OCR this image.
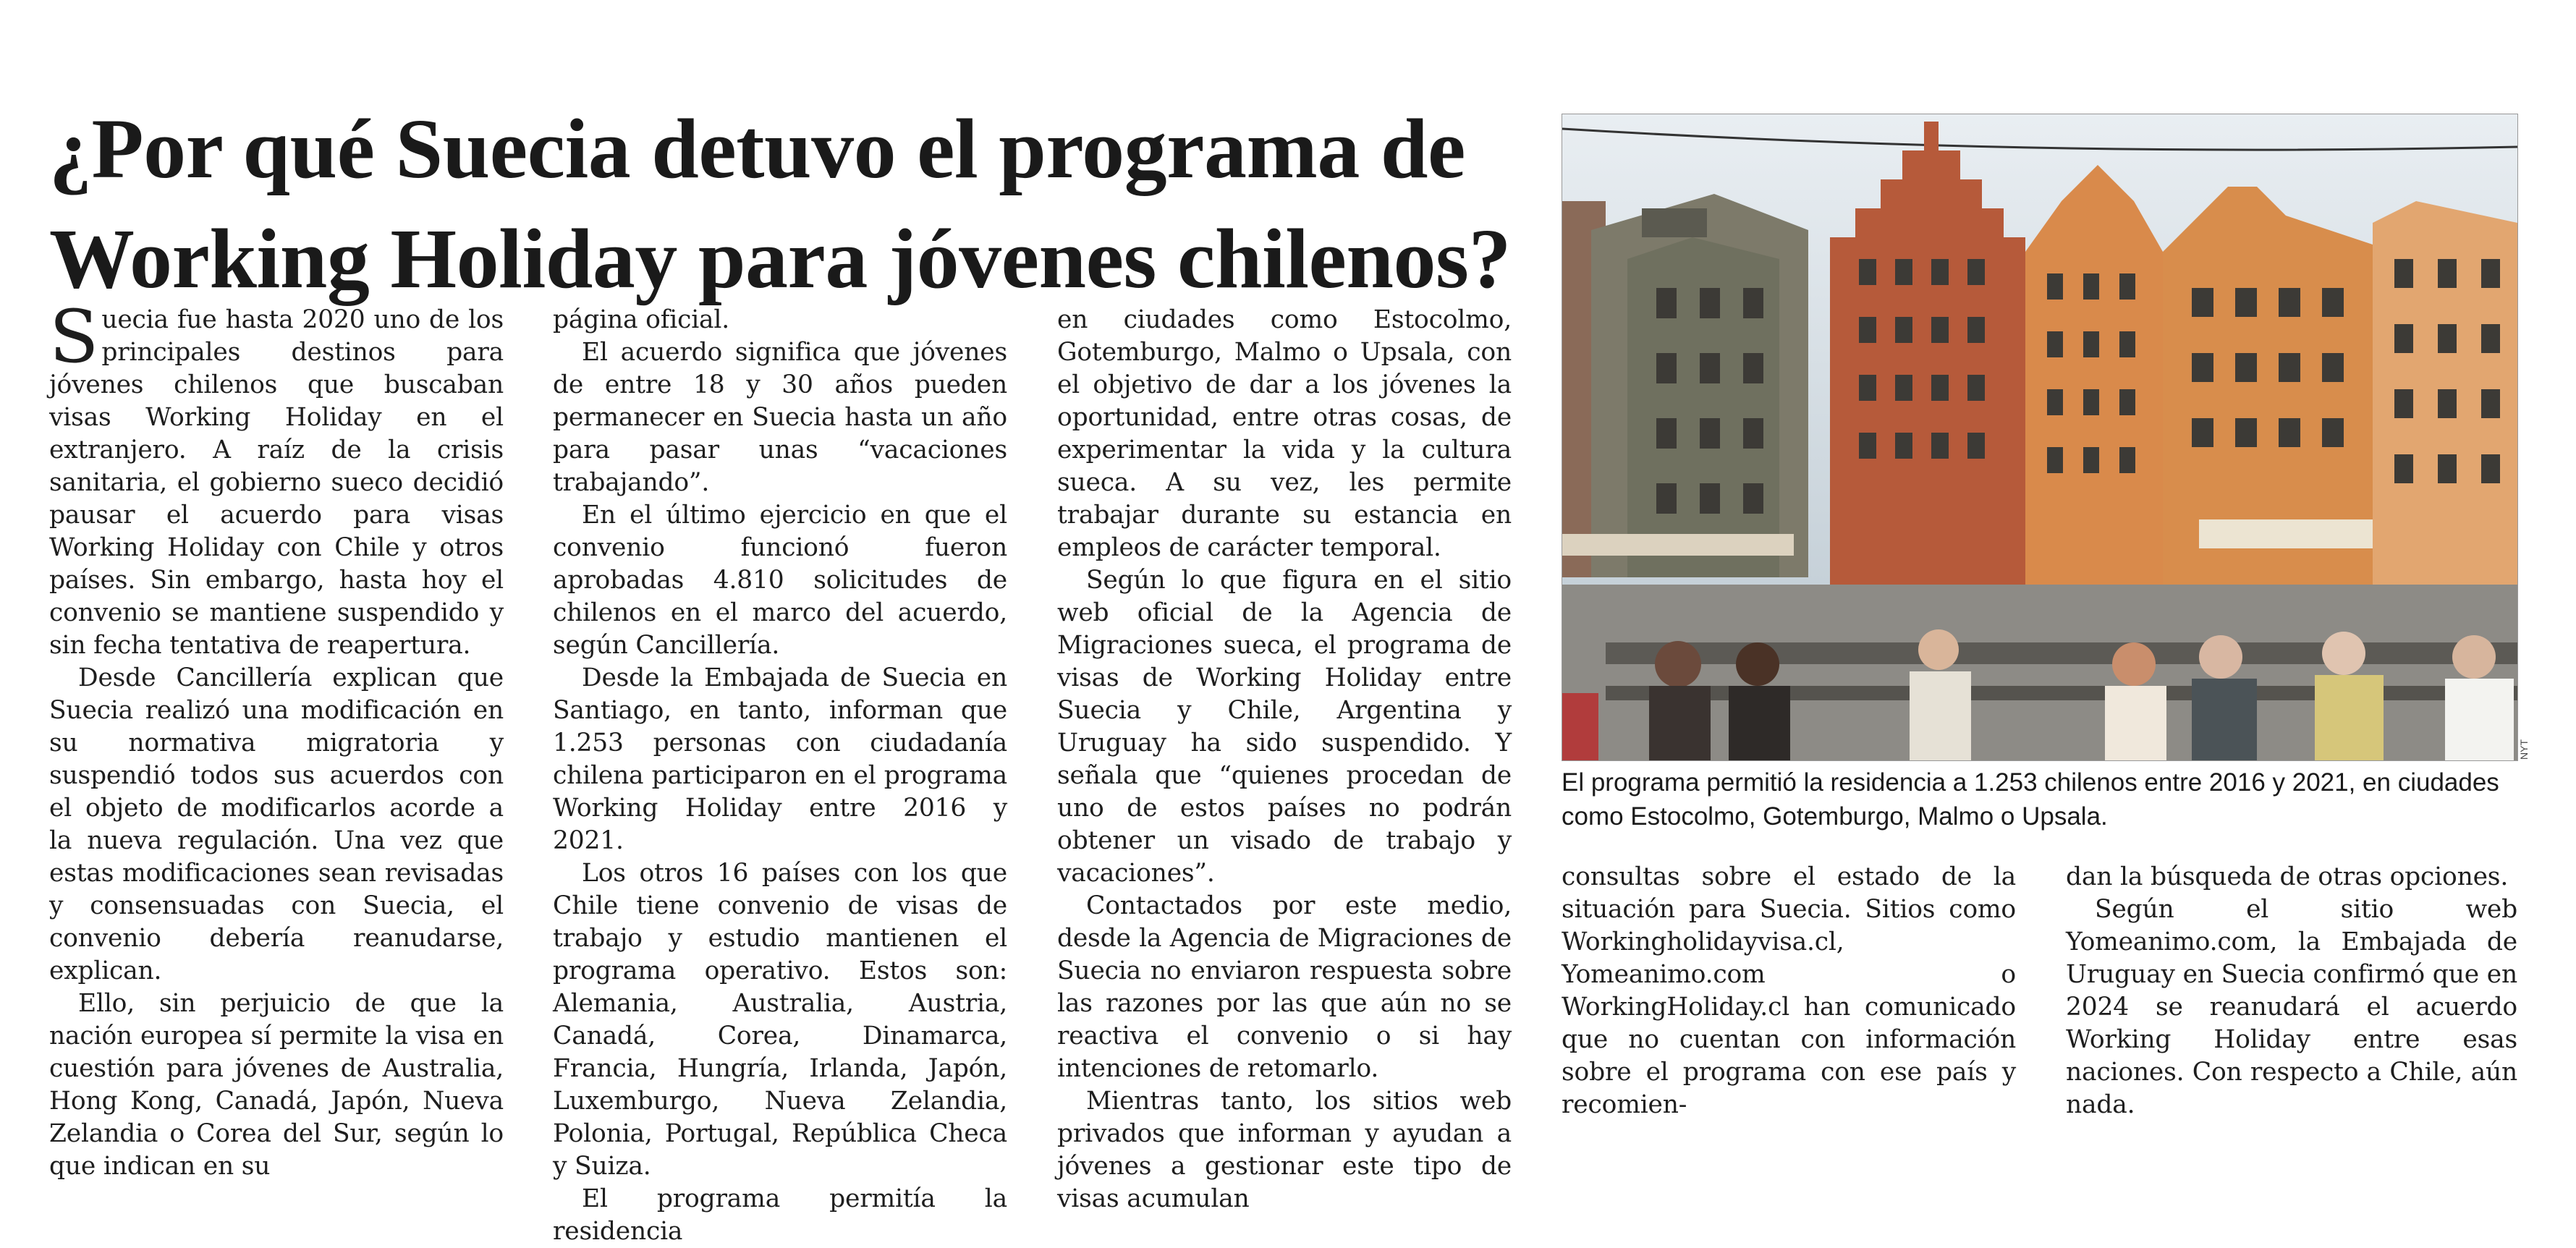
¿Por qué Suecia detuvo el programa de
Working Holiday para jóvenes chilenos?

Suecia fue hasta 2020 uno de los principales destinos para jóvenes chilenos que buscaban visas Working Holiday en el extranjero. A raíz de la crisis sanitaria, el gobierno sueco decidió pausar el acuerdo para visas Working Holiday con Chile y otros países. Sin embargo, hasta hoy el convenio se mantiene suspendido y sin fecha tentativa de reapertura.

Desde Cancillería explican que Suecia realizó una modificación en su normativa migratoria y suspendió todos sus acuerdos con el objeto de modificarlos acorde a la nueva regulación. Una vez que estas modificaciones sean revisadas y consensuadas con Suecia, el convenio debería reanudarse, explican.

Ello, sin perjuicio de que la nación europea sí permite la visa en cuestión para jóvenes de Australia, Hong Kong, Canadá, Japón, Nueva Zelandia o Corea del Sur, según lo que indican en su

página oficial.

El acuerdo significa que jóvenes de entre 18 y 30 años pueden permanecer en Suecia hasta un año para pasar unas “vacaciones trabajando”.

En el último ejercicio en que el convenio funcionó fueron aprobadas 4.810 solicitudes de chilenos en el marco del acuerdo, según Cancillería.

Desde la Embajada de Suecia en Santiago, en tanto, informan que 1.253 personas con ciudadanía chilena participaron en el programa Working Holiday entre 2016 y 2021.

Los otros 16 países con los que Chile tiene convenio de visas de trabajo y estudio mantienen el programa operativo. Estos son: Alemania, Australia, Austria, Canadá, Corea, Dinamarca, Francia, Hungría, Irlanda, Japón, Luxemburgo, Nueva Zelandia, Polonia, Portugal, República Checa y Suiza.

El programa permitía la residencia

en ciudades como Estocolmo, Gotemburgo, Malmo o Upsala, con el objetivo de dar a los jóvenes la oportunidad, entre otras cosas, de experimentar la vida y la cultura sueca. A su vez, les permite trabajar durante su estancia en empleos de carácter temporal.

Según lo que figura en el sitio web oficial de la Agencia de Migraciones sueca, el programa de visas de Working Holiday entre Suecia y Chile, Argentina y Uruguay ha sido suspendido. Y señala que “quienes procedan de uno de estos países no podrán obtener un visado de trabajo y vacaciones”.

Contactados por este medio, desde la Agencia de Migraciones de Suecia no enviaron respuesta sobre las razones por las que aún no se reactiva el convenio o si hay intenciones de retomarlo.

Mientras tanto, los sitios web privados que informan y ayudan a jóvenes a gestionar este tipo de visas acumulan

NYT

El programa permitió la residencia a 1.253 chilenos entre 2016 y 2021, en ciudades como Estocolmo, Gotemburgo, Malmo o Upsala.

consultas sobre el estado de la situación para Suecia. Sitios como Workingholidayvisa.cl, Yomeanimo.com o WorkingHoliday.cl han comunicado que no cuentan con información sobre el programa con ese país y recomien-

dan la búsqueda de otras opciones.

Según el sitio web Yomeanimo.com, la Embajada de Uruguay en Suecia confirmó que en 2024 se reanudará el acuerdo Working Holiday entre esas naciones. Con respecto a Chile, aún nada.
